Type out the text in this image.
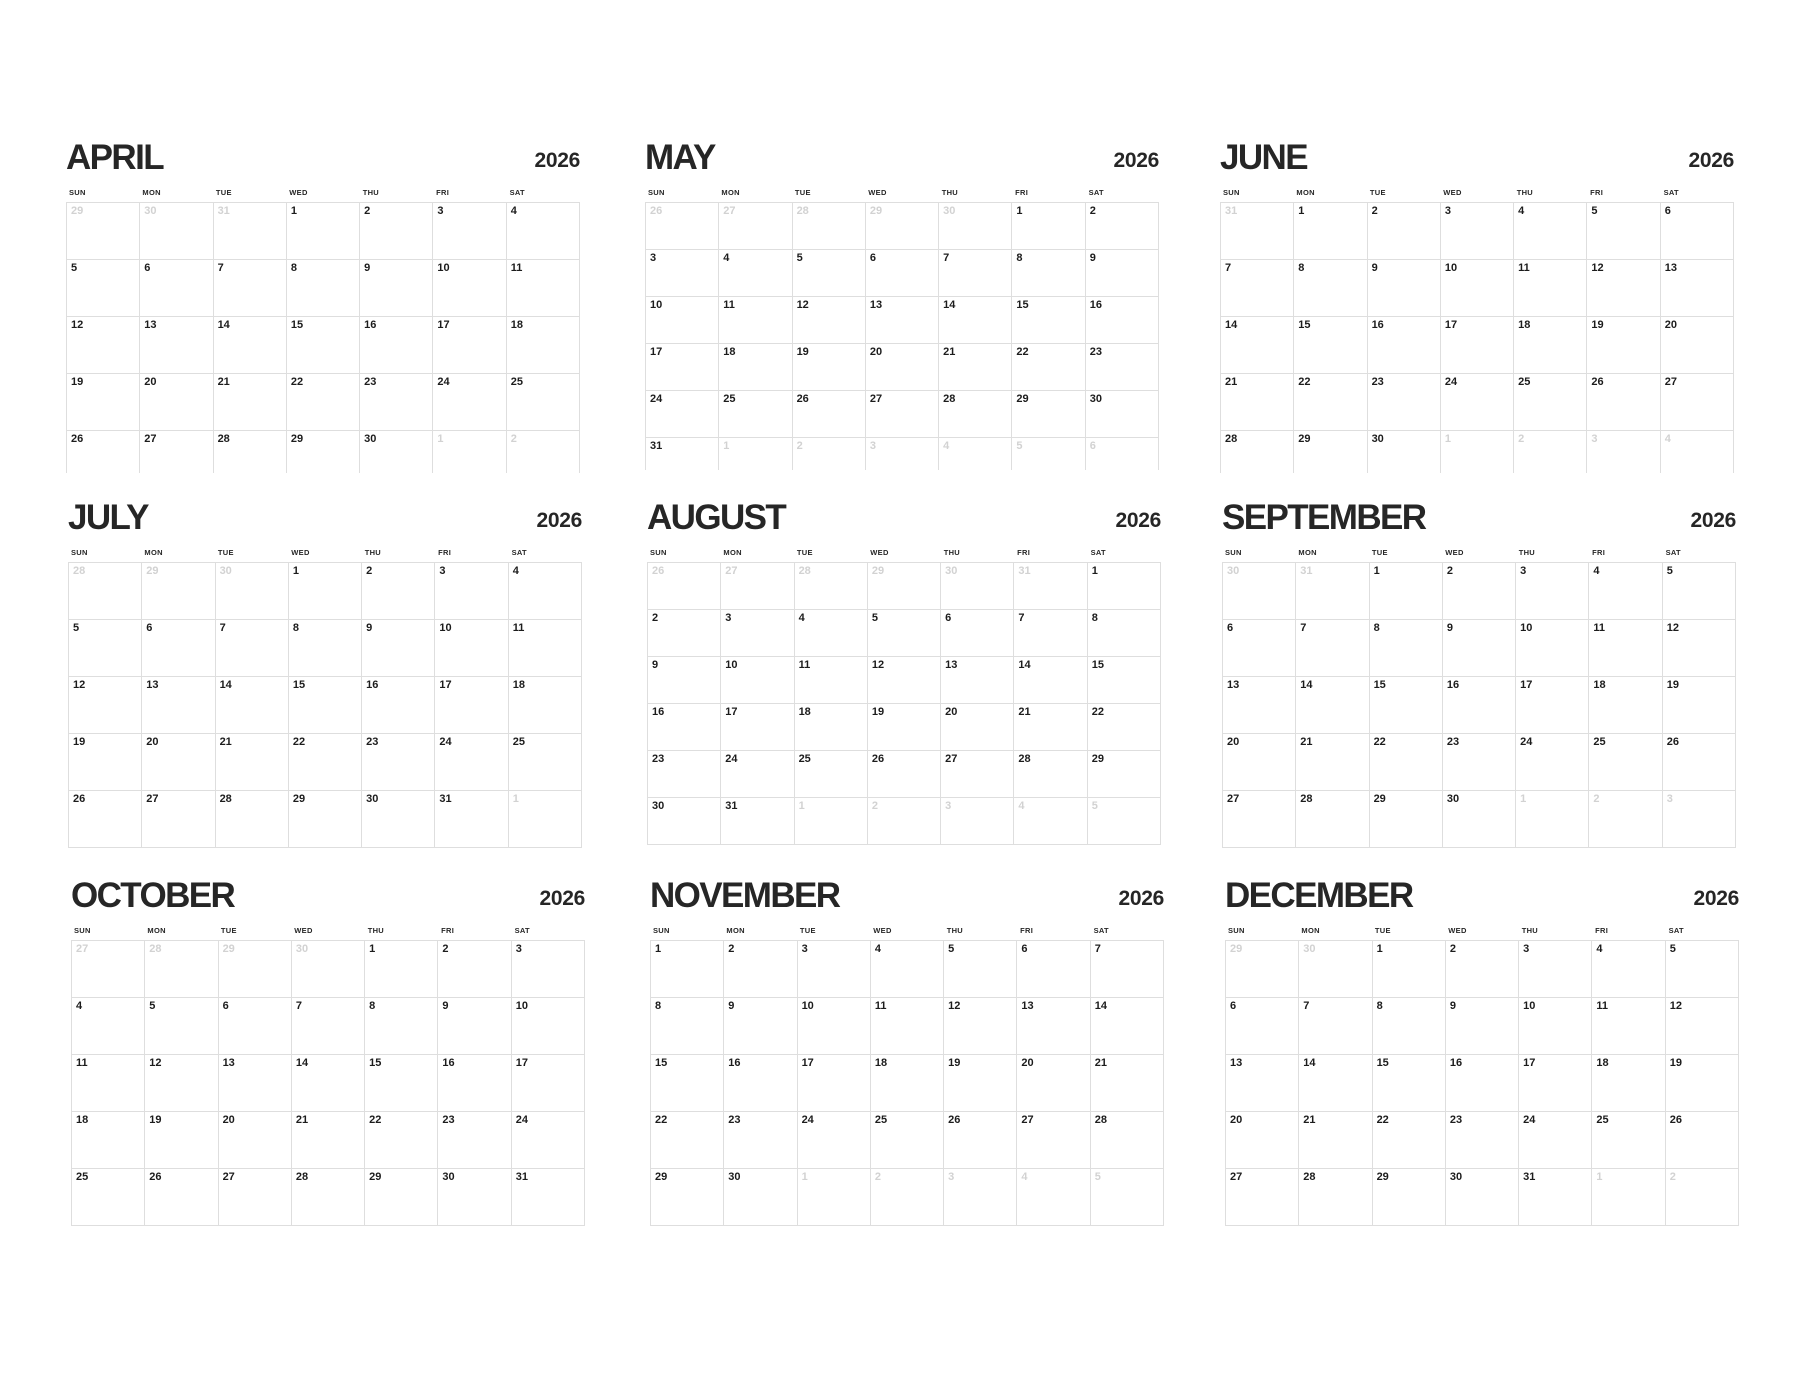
APRIL	2026
SUN	MON	TUE	WED	THU	FRI	SAT
29	30	31	1	2	3	4
5	6	7	8	9	10	11
12	13	14	15	16	17	18
19	20	21	22	23	24	25
26	27	28	29	30	1	2
MAY	2026
SUN	MON	TUE	WED	THU	FRI	SAT
26	27	28	29	30	1	2
3	4	5	6	7	8	9
10	11	12	13	14	15	16
17	18	19	20	21	22	23
24	25	26	27	28	29	30
31	1	2	3	4	5	6
JUNE	2026
SUN	MON	TUE	WED	THU	FRI	SAT
31	1	2	3	4	5	6
7	8	9	10	11	12	13
14	15	16	17	18	19	20
21	22	23	24	25	26	27
28	29	30	1	2	3	4
JULY	2026
SUN	MON	TUE	WED	THU	FRI	SAT
28	29	30	1	2	3	4
5	6	7	8	9	10	11
12	13	14	15	16	17	18
19	20	21	22	23	24	25
26	27	28	29	30	31	1
AUGUST	2026
SUN	MON	TUE	WED	THU	FRI	SAT
26	27	28	29	30	31	1
2	3	4	5	6	7	8
9	10	11	12	13	14	15
16	17	18	19	20	21	22
23	24	25	26	27	28	29
30	31	1	2	3	4	5
SEPTEMBER	2026
SUN	MON	TUE	WED	THU	FRI	SAT
30	31	1	2	3	4	5
6	7	8	9	10	11	12
13	14	15	16	17	18	19
20	21	22	23	24	25	26
27	28	29	30	1	2	3
OCTOBER	2026
SUN	MON	TUE	WED	THU	FRI	SAT
27	28	29	30	1	2	3
4	5	6	7	8	9	10
11	12	13	14	15	16	17
18	19	20	21	22	23	24
25	26	27	28	29	30	31
NOVEMBER	2026
SUN	MON	TUE	WED	THU	FRI	SAT
1	2	3	4	5	6	7
8	9	10	11	12	13	14
15	16	17	18	19	20	21
22	23	24	25	26	27	28
29	30	1	2	3	4	5
DECEMBER	2026
SUN	MON	TUE	WED	THU	FRI	SAT
29	30	1	2	3	4	5
6	7	8	9	10	11	12
13	14	15	16	17	18	19
20	21	22	23	24	25	26
27	28	29	30	31	1	2
